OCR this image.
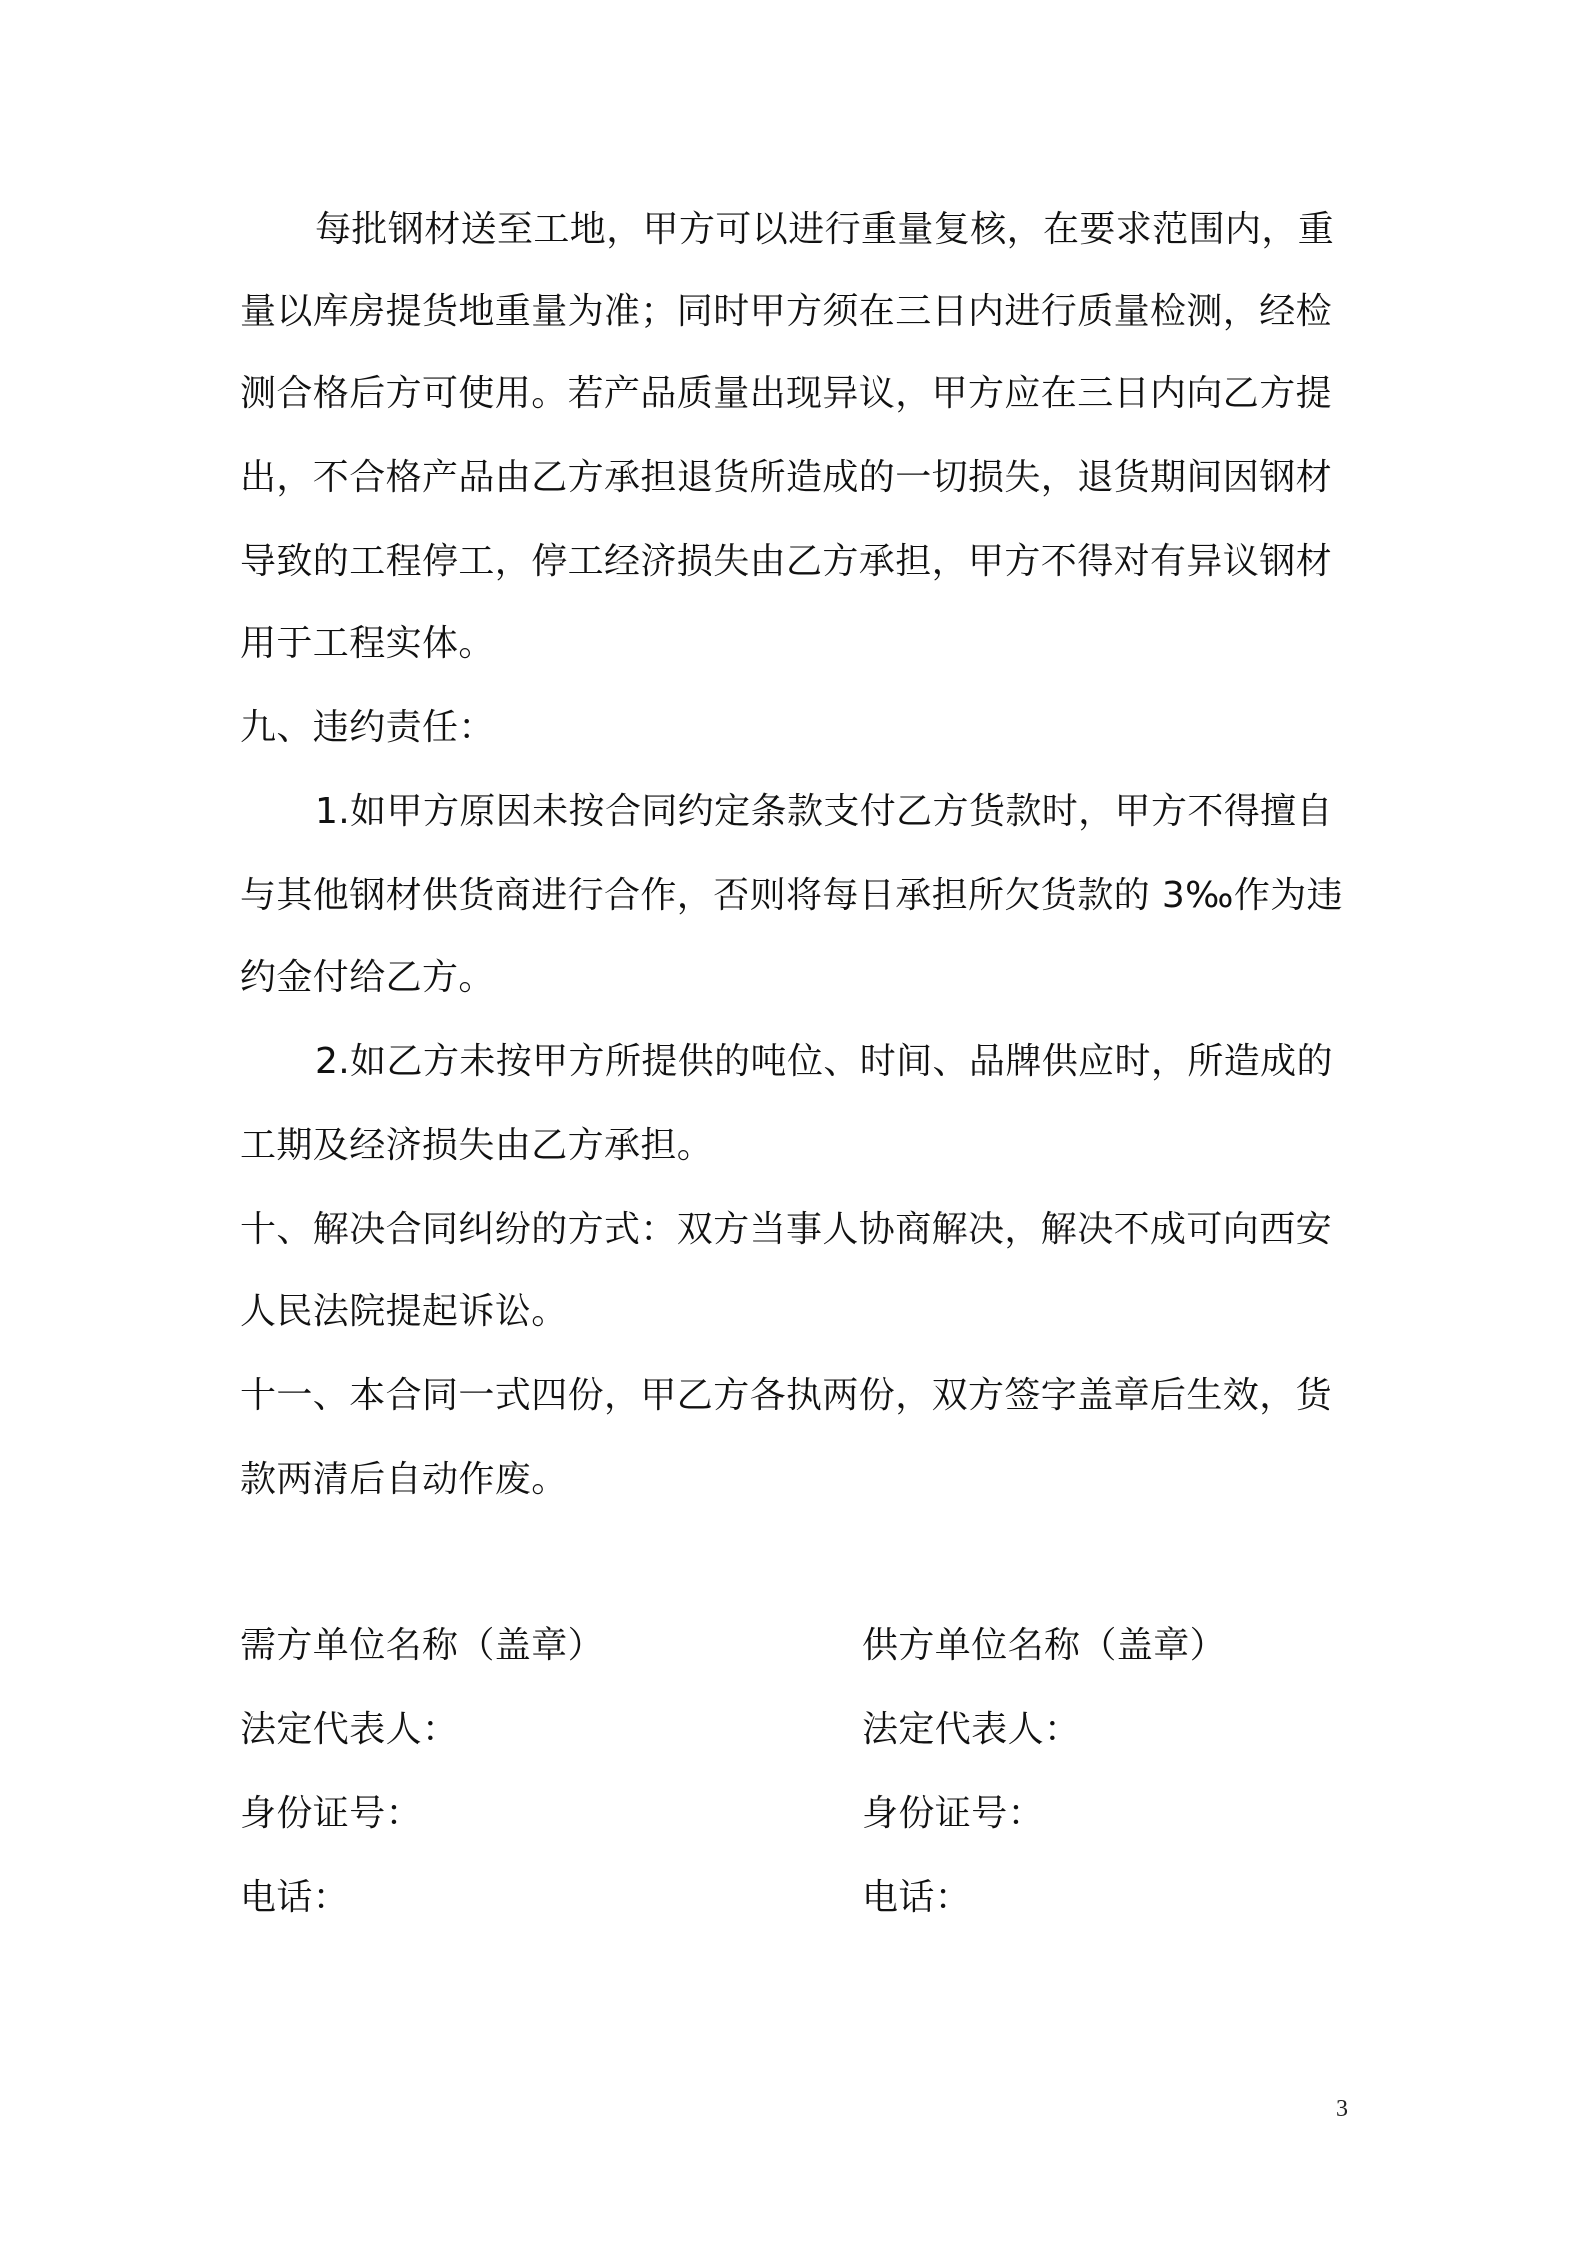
每批钢材送至工地，甲方可以进行重量复核，在要求范围内，重
量以库房提货地重量为准；同时甲方须在三日内进行质量检测，经检
测合格后方可使用。若产品质量出现异议，甲方应在三日内向乙方提
出，不合格产品由乙方承担退货所造成的一切损失，退货期间因钢材
导致的工程停工，停工经济损失由乙方承担，甲方不得对有异议钢材
用于工程实体。
九、违约责任：
1.如甲方原因未按合同约定条款支付乙方货款时，甲方不得擅自
与其他钢材供货商进行合作，否则将每日承担所欠货款的 3‰作为违
约金付给乙方。
2.如乙方未按甲方所提供的吨位、时间、品牌供应时，所造成的
工期及经济损失由乙方承担。
十、解决合同纠纷的方式：双方当事人协商解决，解决不成可向西安
人民法院提起诉讼。
十一、本合同一式四份，甲乙方各执两份，双方签字盖章后生效，货
款两清后自动作废。
需方单位名称（盖章）
法定代表人：
身份证号：
电话：
供方单位名称（盖章）
法定代表人：
身份证号：
电话：
3
